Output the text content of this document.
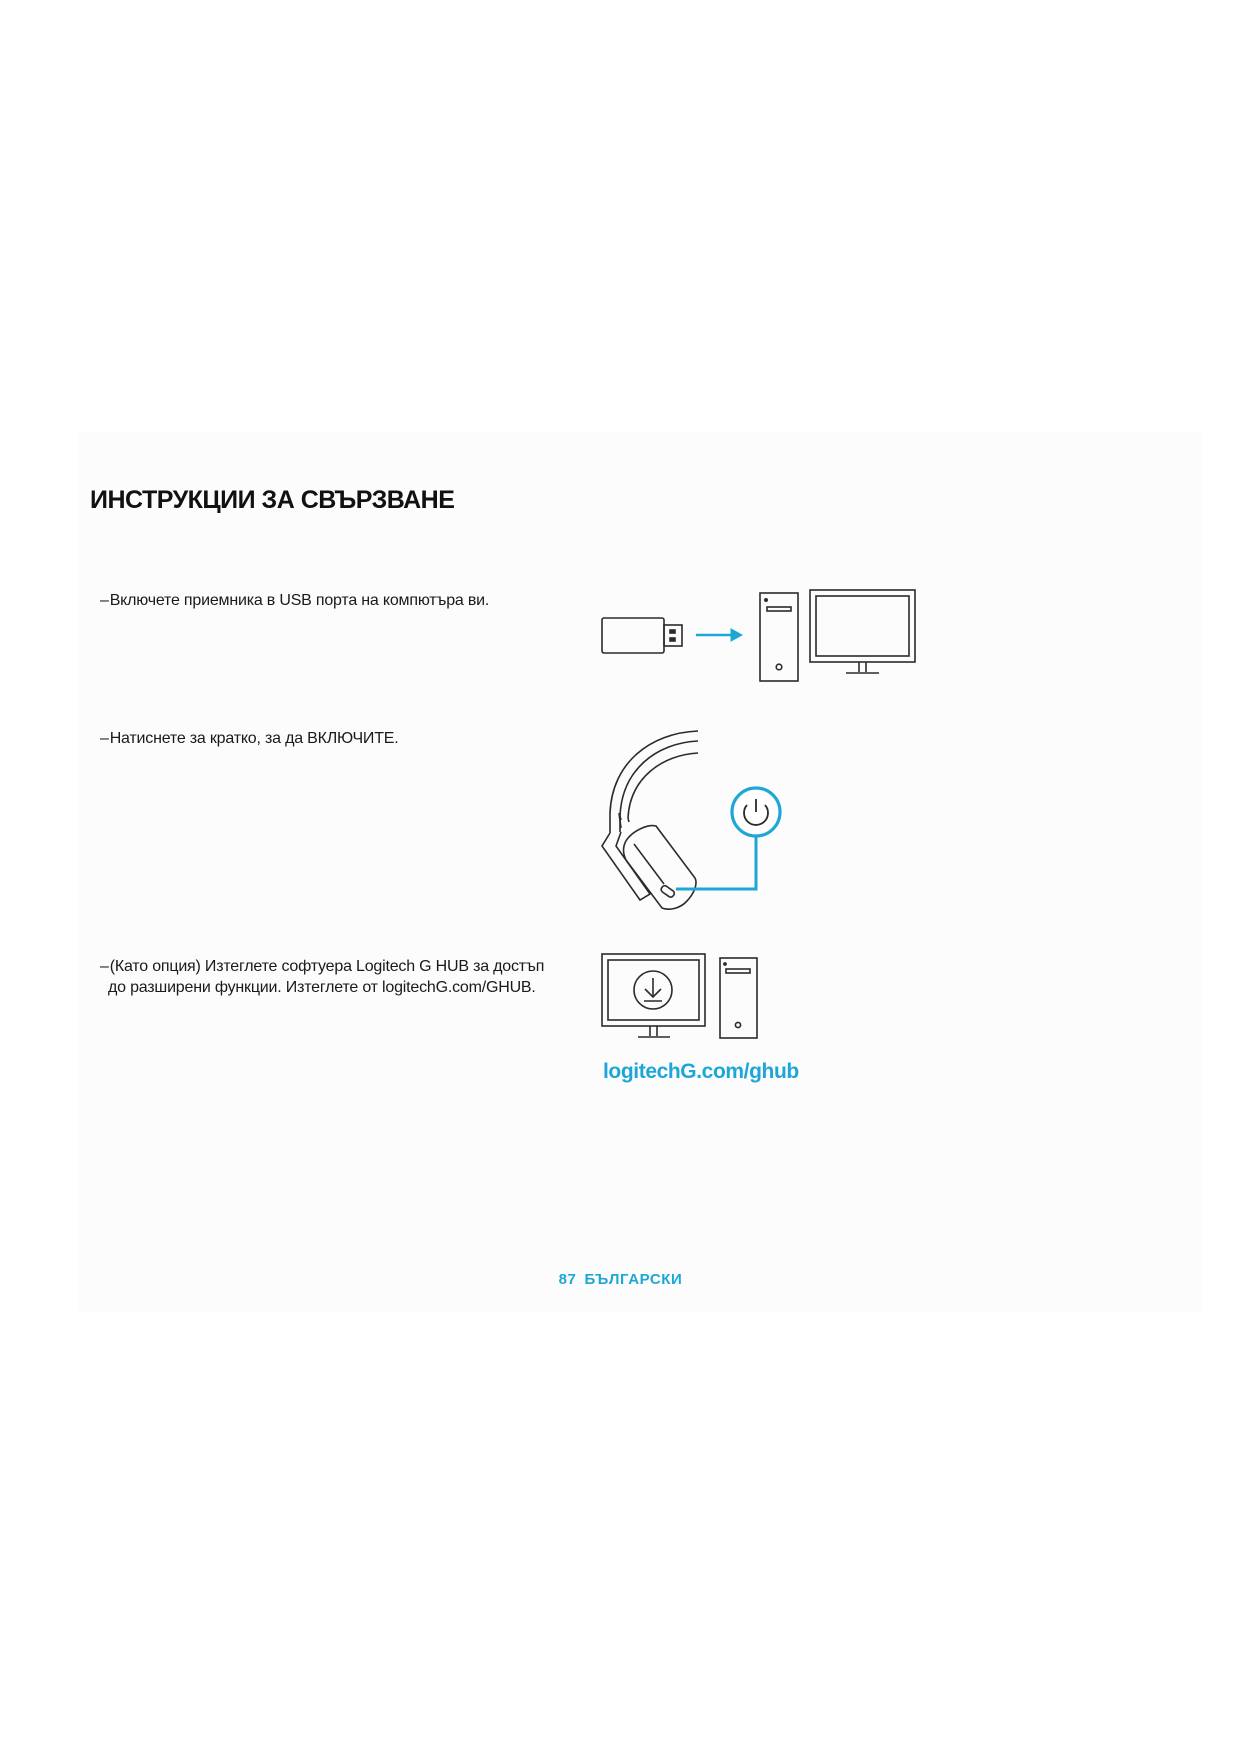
ИНСТРУКЦИИ ЗА СВЪРЗВАНЕ
–Включете приемника в USB порта на компютъра ви.
–Натиснете за кратко, за да ВКЛЮЧИТЕ.
–(Като опция) Изтеглете софтуера Logitech G HUB за достъп
до разширени функции. Изтеглете от logitechG.com/GHUB.
logitechG.com/ghub
87 БЪЛГАРСКИ
